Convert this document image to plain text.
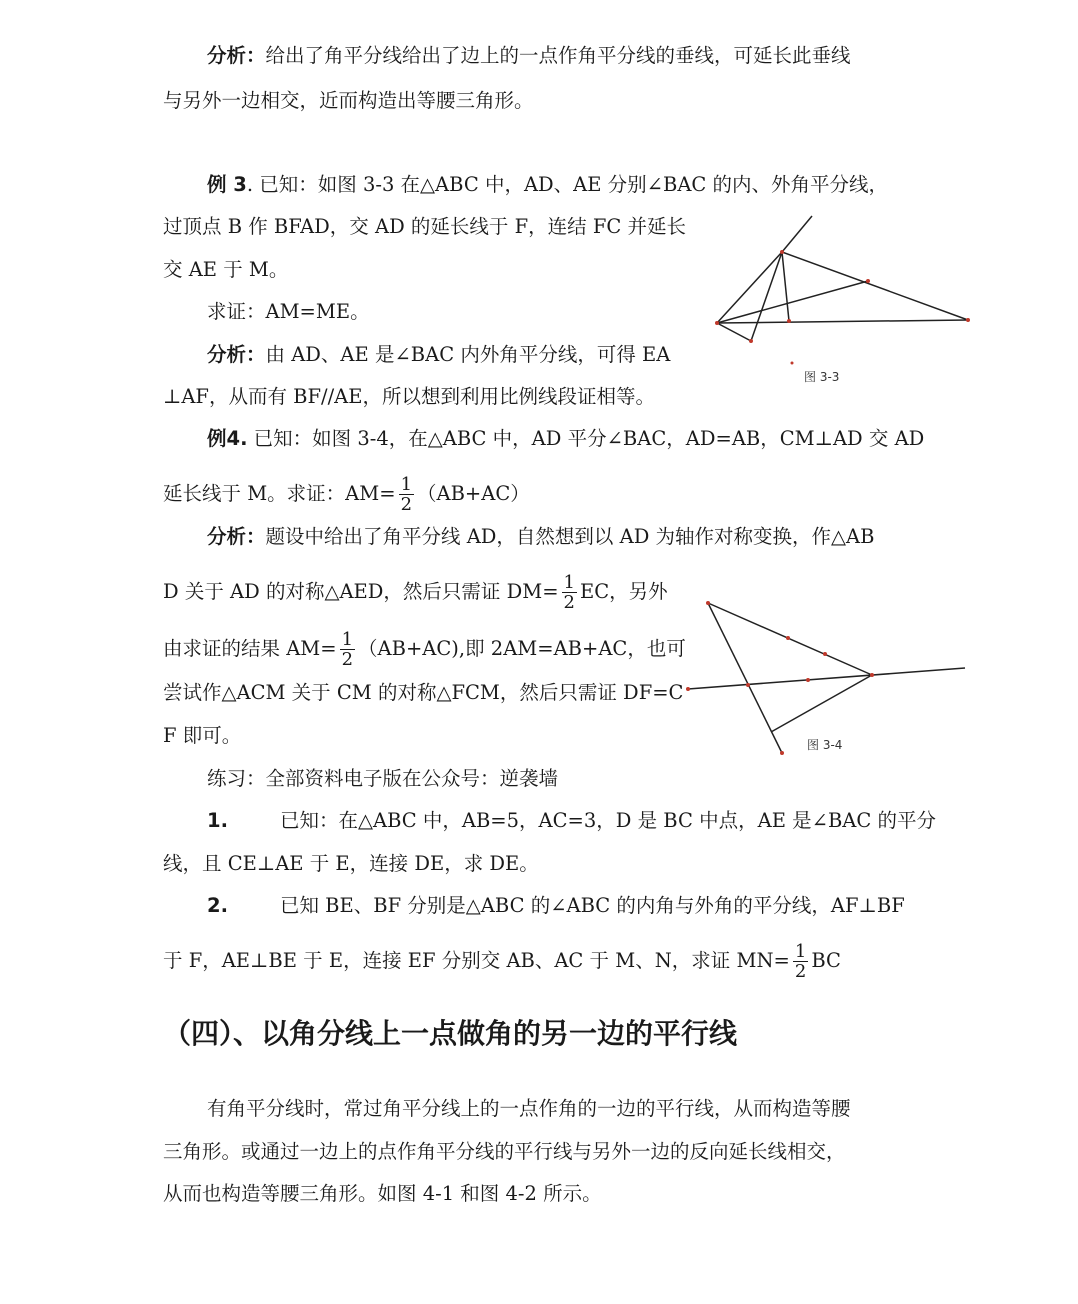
分析：给出了角平分线给出了边上的一点作角平分线的垂线，可延长此垂线
与另外一边相交，近而构造出等腰三角形。
例 3. 已知：如图 3-3 在△ABC 中，AD、AE 分别∠BAC 的内、外角平分线，
过顶点 B 作 BFAD，交 AD 的延长线于 F，连结 FC 并延长
交 AE 于 M。
求证：AM=ME。
分析：由 AD、AE 是∠BAC 内外角平分线，可得 EA
⊥AF，从而有 BF//AE，所以想到利用比例线段证相等。
图 3-3
例4. 已知：如图 3-4，在△ABC 中，AD 平分∠BAC，AD=AB，CM⊥AD 交 AD
延长线于 M。求证：$AM= \frac{1}{2} (AB+AC)$
分析：题设中给出了角平分线 AD，自然想到以 AD 为轴作对称变换，作△AB
D 关于 AD 的对称△AED，然后只需证 $DM= \frac{1}{2}$ EC，另外
由求证的结果 $AM= \frac{1}{2} (AB+AC)$,即 2AM=AB+AC，也可
尝试作△ACM 关于 CM 的对称△FCM，然后只需证 DF=C
F 即可。	图 3-4
练习：全部资料电子版在公众号：逆袭墙
1.	已知：在△ABC 中，AB=5，AC=3，D 是 BC 中点，AE 是∠BAC 的平分
线，且 CE⊥AE 于 E，连接 DE，求 DE。
2.	已知 BE、BF 分别是△ABC 的∠ABC 的内角与外角的平分线，AF⊥BF
于 F，AE⊥BE 于 E，连接 EF 分别交 AB、AC 于 M、N，求证 $MN= \frac{1}{2}$ BC
（四）、以角分线上一点做角的另一边的平行线
有角平分线时，常过角平分线上的一点作角的一边的平行线，从而构造等腰
三角形。或通过一边上的点作角平分线的平行线与另外一边的反向延长线相交，
从而也构造等腰三角形。如图 4-1 和图 4-2 所示。
